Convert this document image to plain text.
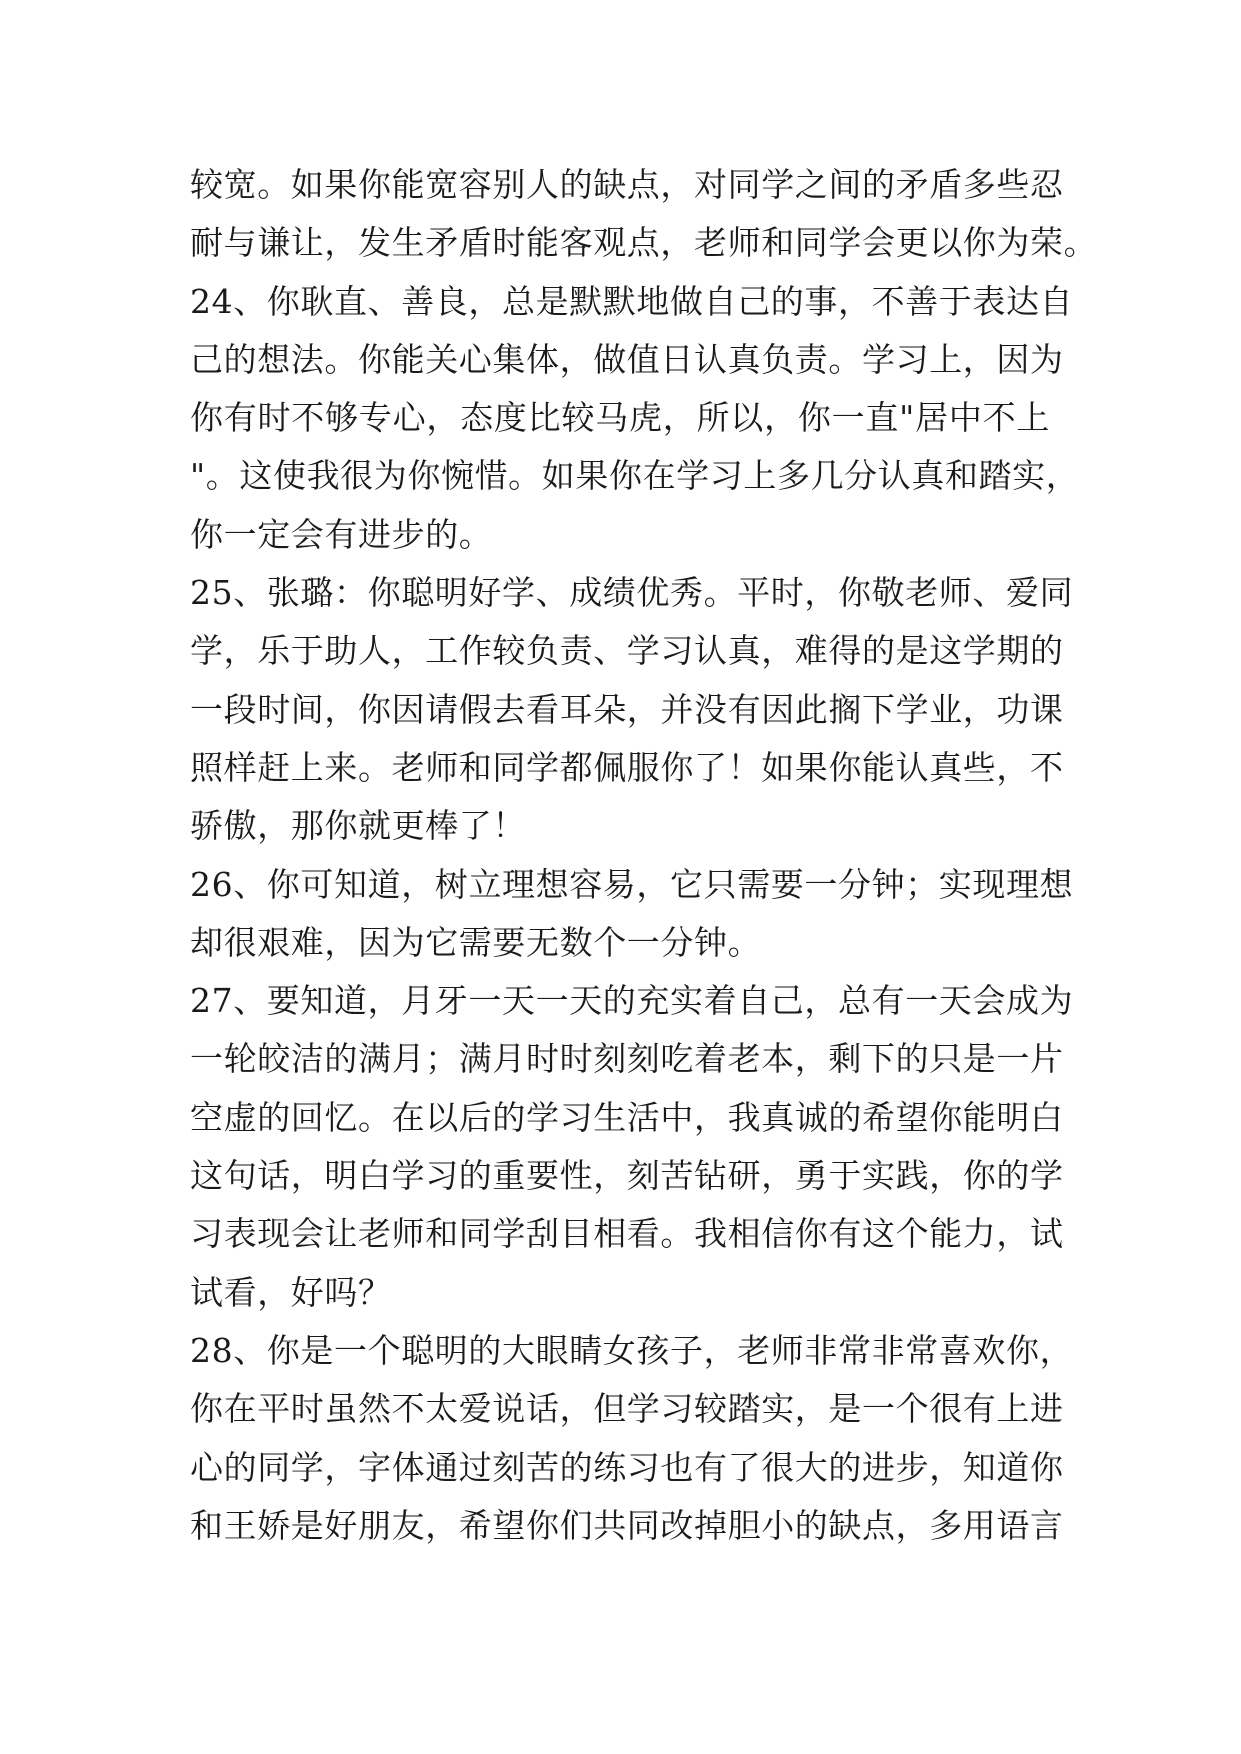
较宽。如果你能宽容别人的缺点，对同学之间的矛盾多些忍
耐与谦让，发生矛盾时能客观点，老师和同学会更以你为荣。
24、你耿直、善良，总是默默地做自己的事，不善于表达自
己的想法。你能关心集体，做值日认真负责。学习上，因为
你有时不够专心，态度比较马虎，所以，你一直"居中不上
"。这使我很为你惋惜。如果你在学习上多几分认真和踏实，
你一定会有进步的。
25、张璐：你聪明好学、成绩优秀。平时，你敬老师、爱同
学，乐于助人，工作较负责、学习认真，难得的是这学期的
一段时间，你因请假去看耳朵，并没有因此搁下学业，功课
照样赶上来。老师和同学都佩服你了！如果你能认真些，不
骄傲，那你就更棒了！
26、你可知道，树立理想容易，它只需要一分钟；实现理想
却很艰难，因为它需要无数个一分钟。
27、要知道，月牙一天一天的充实着自己，总有一天会成为
一轮皎洁的满月；满月时时刻刻吃着老本，剩下的只是一片
空虚的回忆。在以后的学习生活中，我真诚的希望你能明白
这句话，明白学习的重要性，刻苦钻研，勇于实践，你的学
习表现会让老师和同学刮目相看。我相信你有这个能力，试
试看，好吗？
28、你是一个聪明的大眼睛女孩子，老师非常非常喜欢你，
你在平时虽然不太爱说话，但学习较踏实，是一个很有上进
心的同学，字体通过刻苦的练习也有了很大的进步，知道你
和王娇是好朋友，希望你们共同改掉胆小的缺点，多用语言
